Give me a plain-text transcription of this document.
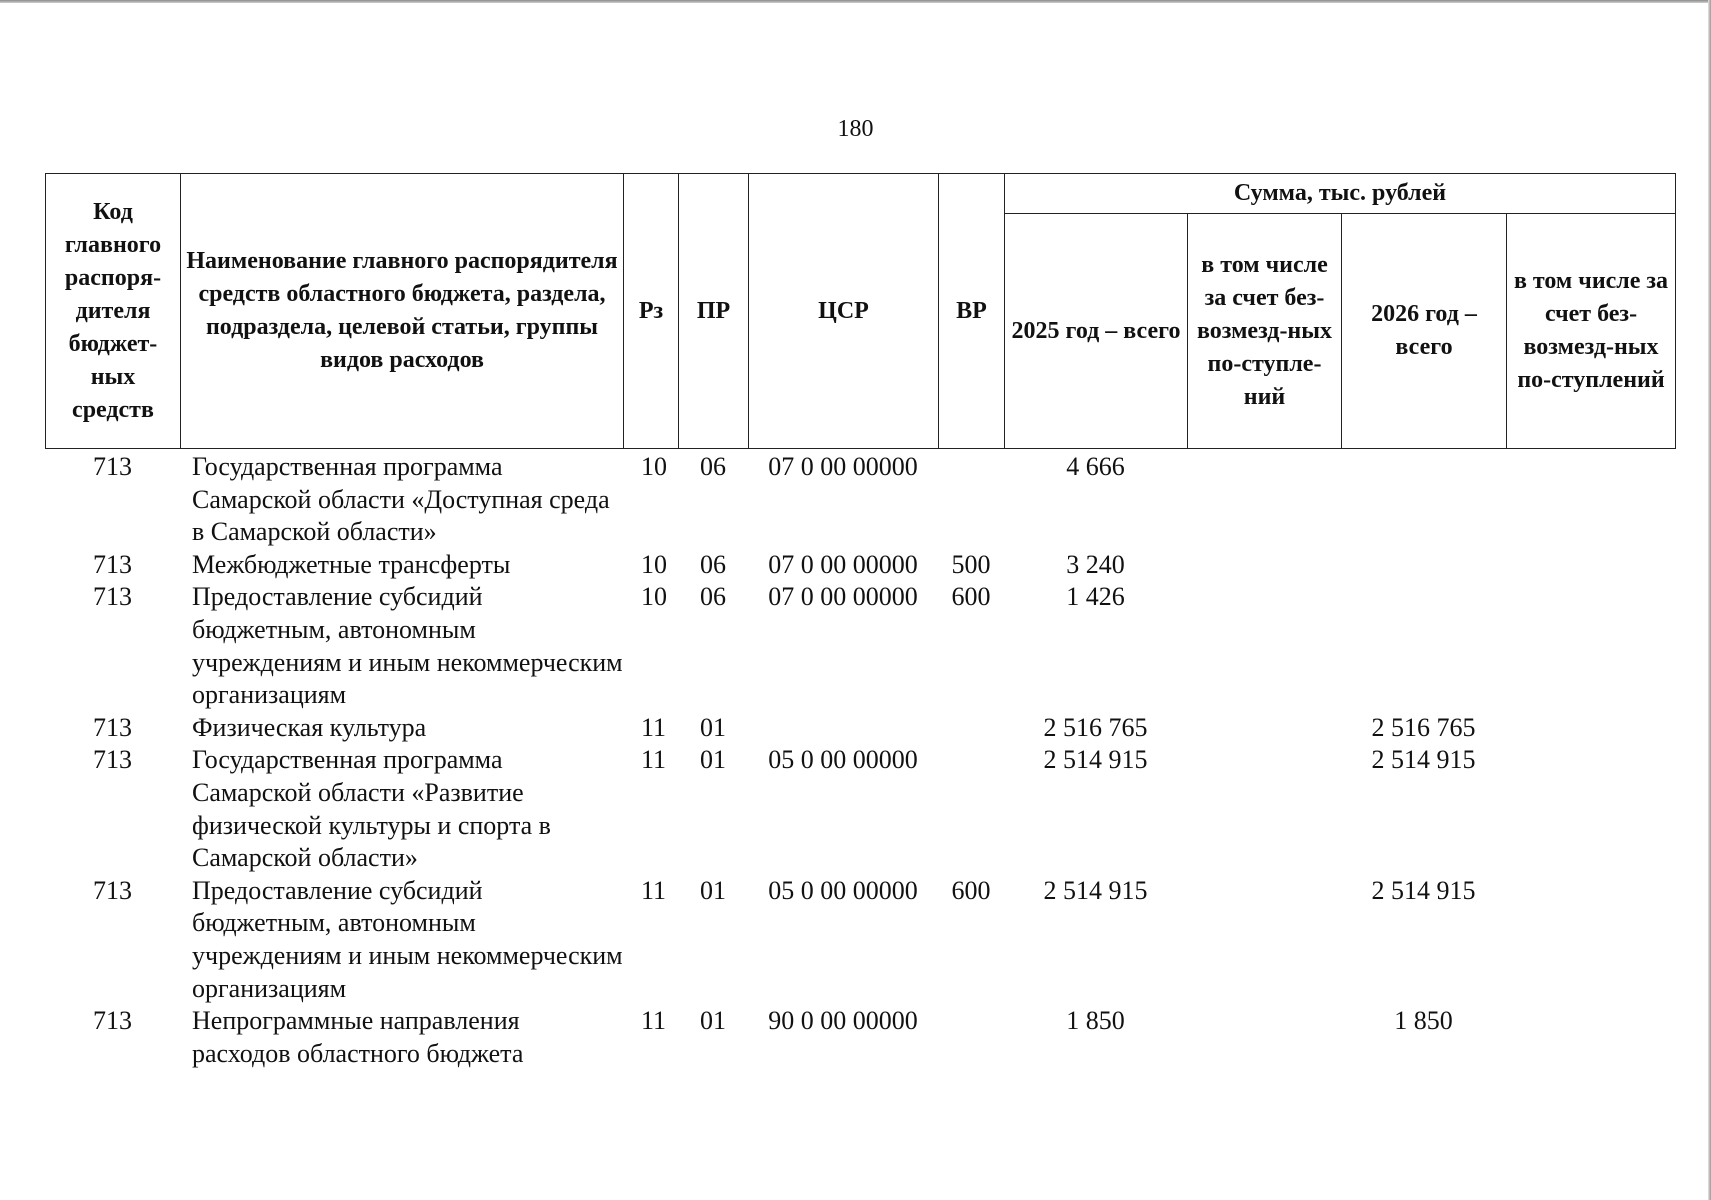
180
Код главного распоря-дителя бюджет-ных средств	Наименование главного распорядителя средств областного бюджета, раздела, подраздела, целевой статьи, группы видов расходов	Рз	ПР	ЦСР	ВР	Сумма, тыс. рублей			
						2025 год – всего	в том числе за счет без-возмезд-ных по-ступле-ний	2026 год – всего	в том числе за счет без-возмезд-ных по-ступлений
713	Государственная программа Самарской области «Доступная среда в Самарской области»	10	06	07 0 00 00000		4 666			
713	Межбюджетные трансферты	10	06	07 0 00 00000	500	3 240			
713	Предоставление субсидий бюджетным, автономным учреждениям и иным некоммерческим организациям	10	06	07 0 00 00000	600	1 426			
713	Физическая культура	11	01			2 516 765		2 516 765	
713	Государственная программа Самарской области «Развитие физической культуры и спорта в Самарской области»	11	01	05 0 00 00000		2 514 915		2 514 915	
713	Предоставление субсидий бюджетным, автономным учреждениям и иным некоммерческим организациям	11	01	05 0 00 00000	600	2 514 915		2 514 915	
713	Непрограммные направления расходов областного бюджета	11	01	90 0 00 00000		1 850		1 850	
